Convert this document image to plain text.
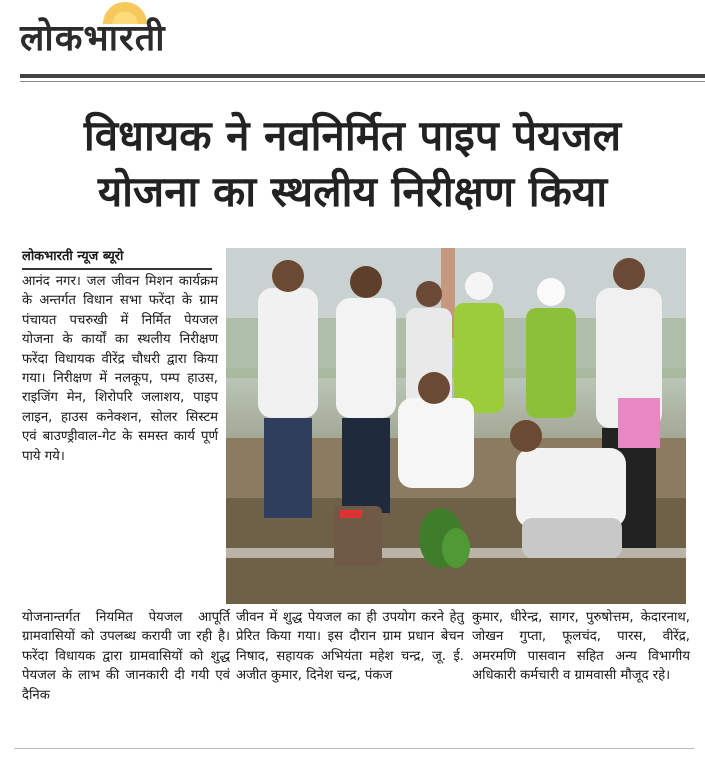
लोकभारती
विधायक ने नवनिर्मित पाइप पेयजल
योजना का स्थलीय निरीक्षण किया
लोकभारती न्यूज ब्यूरो
आनंद नगर। जल जीवन मिशन कार्यक्रम के अन्तर्गत विधान सभा फरेंदा के ग्राम पंचायत पचरुखी में निर्मित पेयजल योजना के कार्यों का स्थलीय निरीक्षण फरेंदा विधायक वीरेंद्र चौधरी द्वारा किया गया। निरीक्षण में नलकूप, पम्प हाउस, राइजिंग मेन, शिरोपरि जलाशय, पाइप लाइन, हाउस कनेक्शन, सोलर सिस्टम एवं बाउण्ड्रीवाल-गेट के समस्त कार्य पूर्ण पाये गये।
योजनान्तर्गत नियमित पेयजल आपूर्ति ग्रामवासियों को उपलब्ध करायी जा रही है। फरेंदा विधायक द्वारा ग्रामवासियों को शुद्ध पेयजल के लाभ की जानकारी दी गयी एवं दैनिक
जीवन में शुद्ध पेयजल का ही उपयोग करने हेतु प्रेरित किया गया। इस दौरान ग्राम प्रधान बेचन निषाद, सहायक अभियंता महेश चन्द्र, जू. ई. अजीत कुमार, दिनेश चन्द्र, पंकज
कुमार, धीरेन्द्र, सागर, पुरुषोत्तम, केदारनाथ, जोखन गुप्ता, फूलचंद, पारस, वीरेंद्र, अमरमणि पासवान सहित अन्य विभागीय अधिकारी कर्मचारी व ग्रामवासी मौजूद रहे।
